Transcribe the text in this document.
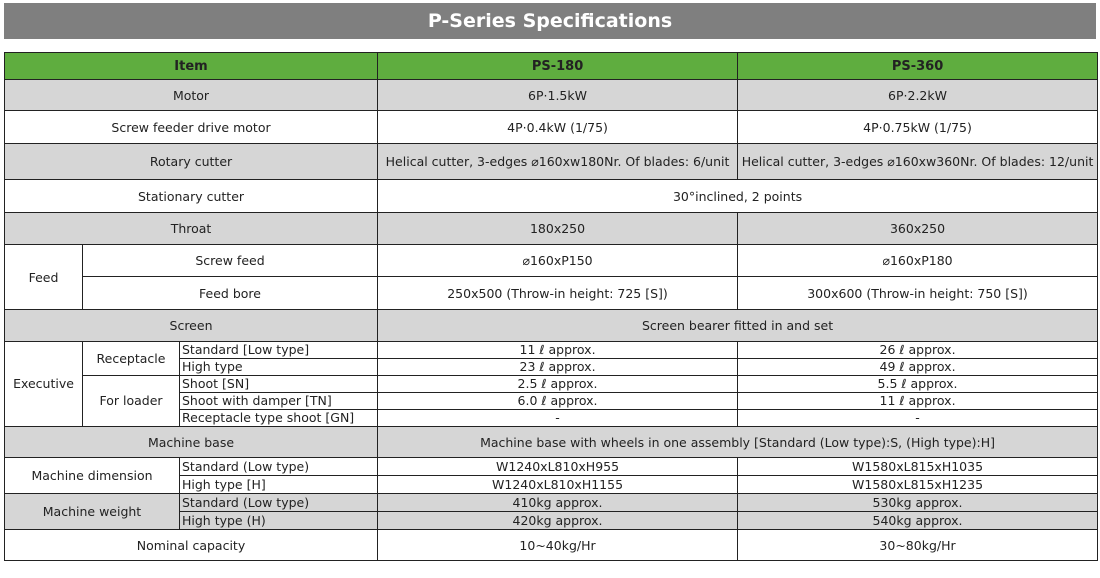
P-Series Specifications
Item			PS-180	PS-360
Motor			6P·1.5kW	6P·2.2kW
Screw feeder drive motor			4P·0.4kW (1/75)	4P·0.75kW (1/75)
Rotary cutter			Helical cutter, 3-edges ⌀160xw180Nr. Of blades: 6/unit	Helical cutter, 3-edges ⌀160xw360Nr. Of blades: 12/unit
Stationary cutter			30°inclined, 2 points	
Throat			180x250	360x250
Feed	Screw feed		⌀160xP150	⌀160xP180
	Feed bore		250x500 (Throw-in height: 725 [S])	300x600 (Throw-in height: 750 [S])
Screen			Screen bearer fitted in and set	
Executive	Receptacle	Standard [Low type]	11 ℓ approx.	26 ℓ approx.
		High type	23 ℓ approx.	49 ℓ approx.
	For loader	Shoot [SN]	2.5 ℓ approx.	5.5 ℓ approx.
		Shoot with damper [TN]	6.0 ℓ approx.	11 ℓ approx.
		Receptacle type shoot [GN]	-	-
Machine base			Machine base with wheels in one assembly [Standard (Low type):S, (High type):H]	
Machine dimension		Standard (Low type)	W1240xL810xH955	W1580xL815xH1035
		High type [H]	W1240xL810xH1155	W1580xL815xH1235
Machine weight		Standard (Low type)	410kg approx.	530kg approx.
		High type (H)	420kg approx.	540kg approx.
Nominal capacity			10~40kg/Hr	30~80kg/Hr
